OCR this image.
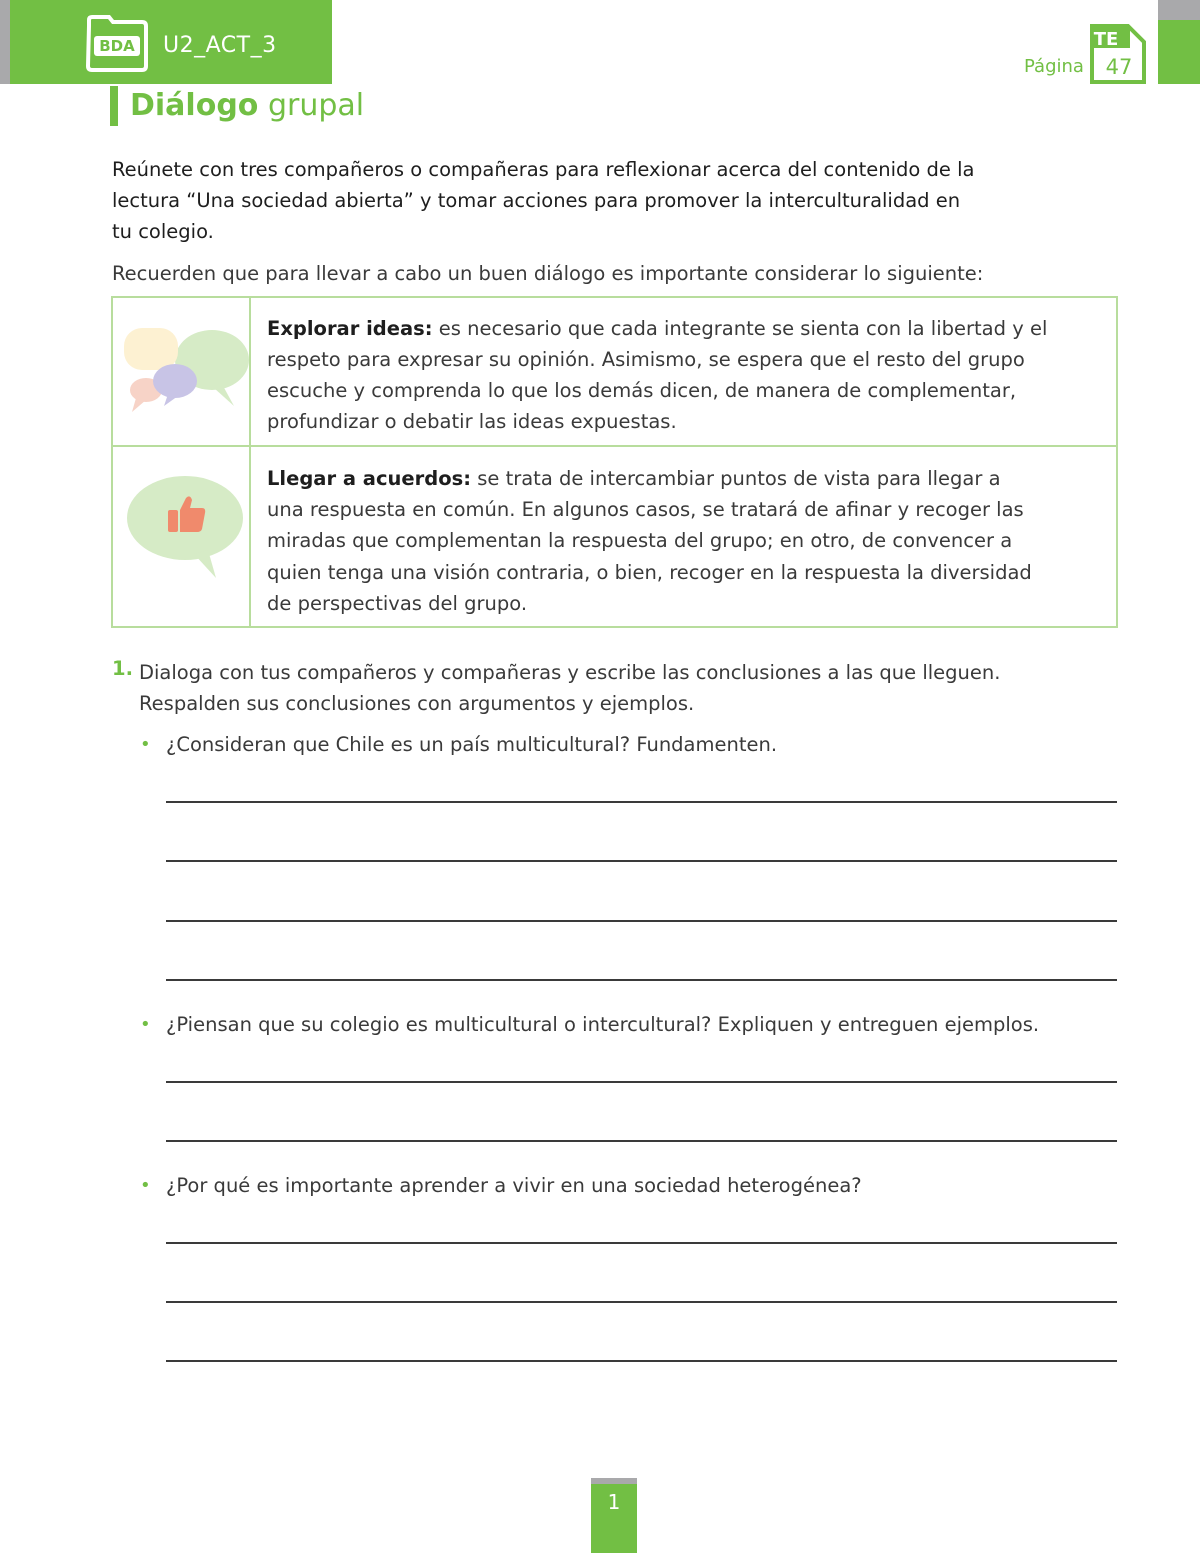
BDA U2_ACT_3
Página
TE
47
Diálogo grupal
Reúnete con tres compañeros o compañeras para reflexionar acerca del contenido de la
lectura “Una sociedad abierta” y tomar acciones para promover la interculturalidad en
tu colegio.
Recuerden que para llevar a cabo un buen diálogo es importante considerar lo siguiente:
Explorar ideas: es necesario que cada integrante se sienta con la libertad y el
respeto para expresar su opinión. Asimismo, se espera que el resto del grupo
escuche y comprenda lo que los demás dicen, de manera de complementar,
profundizar o debatir las ideas expuestas.
Llegar a acuerdos: se trata de intercambiar puntos de vista para llegar a
una respuesta en común. En algunos casos, se tratará de afinar y recoger las
miradas que complementan la respuesta del grupo; en otro, de convencer a
quien tenga una visión contraria, o bien, recoger en la respuesta la diversidad
de perspectivas del grupo.
1. Dialoga con tus compañeros y compañeras y escribe las conclusiones a las que lleguen.
Respalden sus conclusiones con argumentos y ejemplos.
• ¿Consideran que Chile es un país multicultural? Fundamenten.
• ¿Piensan que su colegio es multicultural o intercultural? Expliquen y entreguen ejemplos.
• ¿Por qué es importante aprender a vivir en una sociedad heterogénea?
1
